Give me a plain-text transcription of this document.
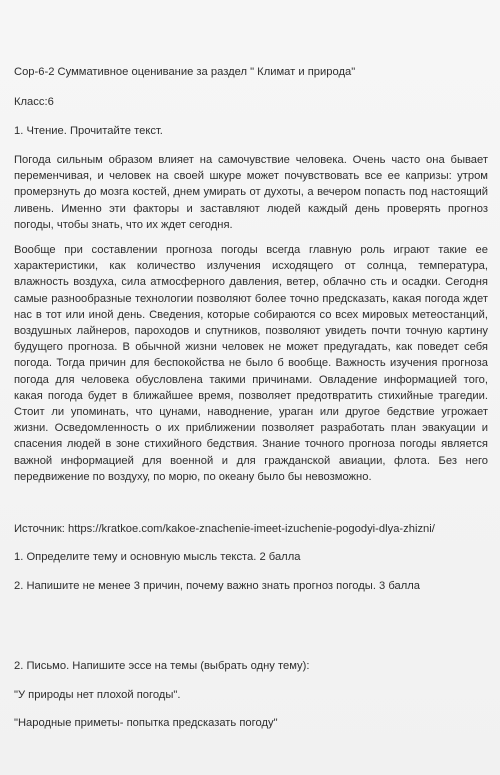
Сор-6-2 Суммативное оценивание за раздел " Климат и природа"
Класс:6
1. Чтение. Прочитайте текст.
Погода сильным образом влияет на самочувствие человека. Очень часто она бывает переменчивая, и человек на своей шкуре может почувствовать все ее капризы: утром промерзнуть до мозга костей, днем умирать от духоты, а вечером попасть под настоящий ливень. Именно эти факторы и заставляют людей каждый день проверять прогноз погоды, чтобы знать, что их ждет сегодня.
Вообще при составлении прогноза погоды всегда главную роль играют такие ее характеристики, как количество излучения исходящего от солнца, температура, влажность воздуха, сила атмосферного давления, ветер, облачно сть и осадки. Сегодня самые разнообразные технологии позволяют более точно предсказать, какая погода ждет нас в тот или иной день. Сведения, которые собираются со всех мировых метеостанций, воздушных лайнеров, пароходов и спутников, позволяют увидеть почти точную картину будущего прогноза. В обычной жизни человек не может предугадать, как поведет себя погода. Тогда причин для беспокойства не было б вообще. Важность изучения прогноза погода для человека обусловлена такими причинами. Овладение информацией того, какая погода будет в ближайшее время, позволяет предотвратить стихийные трагедии. Стоит ли упоминать, что цунами, наводнение, ураган или другое бедствие угрожает жизни. Осведомленность о их приближении позволяет разработать план эвакуации и спасения людей в зоне стихийного бедствия. Знание точного прогноза погоды является важной информацией для военной и для гражданской авиации, флота. Без него передвижение по воздуху, по морю, по океану было бы невозможно.
Источник: https://kratkoe.com/kakoe-znachenie-imeet-izuchenie-pogodyi-dlya-zhizni/
1. Определите тему и основную мысль текста. 2 балла
2. Напишите не менее 3 причин, почему важно знать прогноз погоды. 3 балла
2. Письмо. Напишите эссе на темы (выбрать одну тему):
"У природы нет плохой погоды".
"Народные приметы- попытка предсказать погоду"
